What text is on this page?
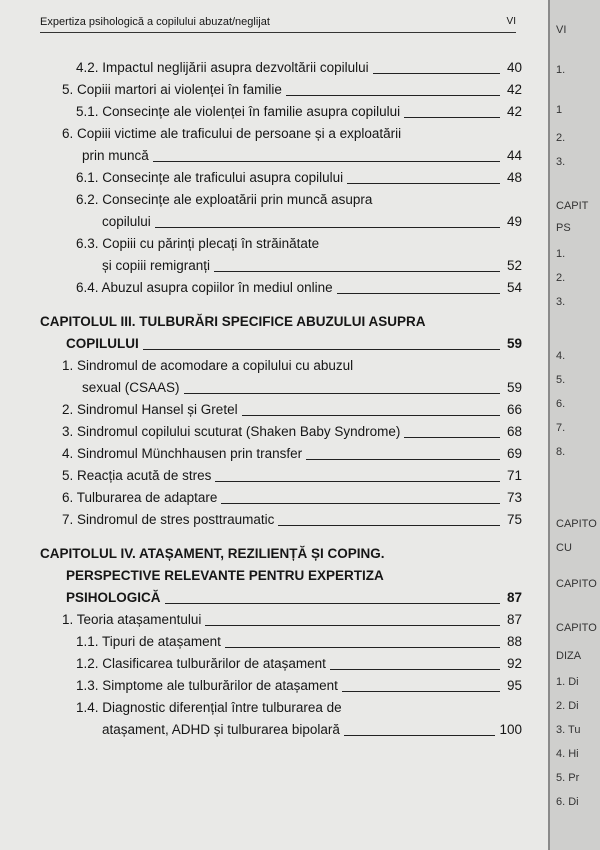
Expertiza psihologică a copilului abuzat/neglijat	VI
4.2. Impactul neglijării asupra dezvoltării copilului	40
5. Copiii martori ai violenței în familie	42
5.1. Consecințe ale violenței în familie asupra copilului	42
6. Copiii victime ale traficului de persoane și a exploatării
prin muncă	44
6.1. Consecințe ale traficului asupra copilului	48
6.2. Consecințe ale exploatării prin muncă asupra
copilului	49
6.3. Copiii cu părinți plecați în străinătate
și copiii remigranți	52
6.4. Abuzul asupra copiilor în mediul online	54
CAPITOLUL III. TULBURĂRI SPECIFICE ABUZULUI ASUPRA
COPILULUI	59
1. Sindromul de acomodare a copilului cu abuzul
sexual (CSAAS)	59
2. Sindromul Hansel și Gretel	66
3. Sindromul copilului scuturat (Shaken Baby Syndrome)	68
4. Sindromul Münchhausen prin transfer	69
5. Reacția acută de stres	71
6. Tulburarea de adaptare	73
7. Sindromul de stres posttraumatic	75
CAPITOLUL IV. ATAȘAMENT, REZILIENȚĂ ȘI COPING.
PERSPECTIVE RELEVANTE PENTRU EXPERTIZA
PSIHOLOGICĂ	87
1. Teoria atașamentului	87
1.1. Tipuri de atașament	88
1.2. Clasificarea tulburărilor de atașament	92
1.3. Simptome ale tulburărilor de atașament	95
1.4. Diagnostic diferențial între tulburarea de
atașament, ADHD și tulburarea bipolară	100
VI
1.
1
2.
3.
CAPIT
PS
1.
2.
3.
4.
5.
6.
7.
8.
CAPITO
CU
CAPITO
CAPITO
DIZA
1. Di
2. Di
3. Tu
4. Hi
5. Pr
6. Di
